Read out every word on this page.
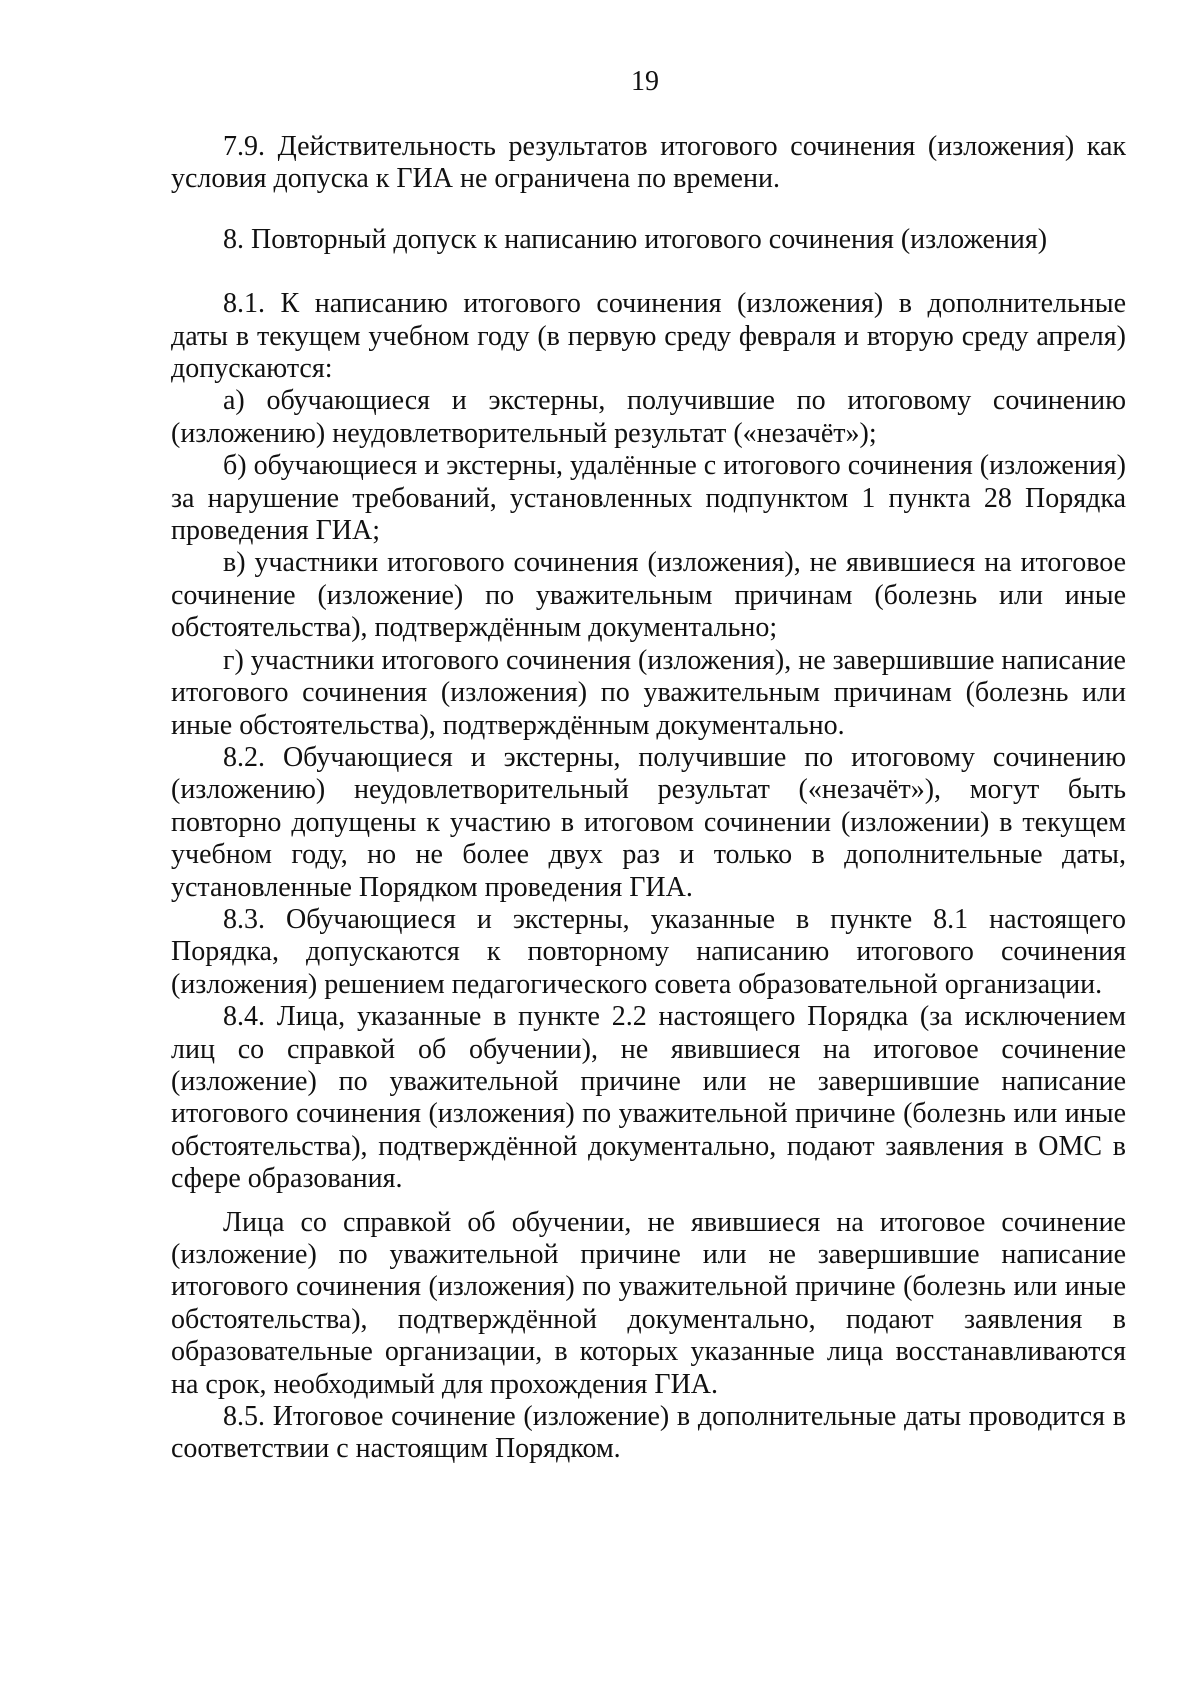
19

7.9. Действительность результатов итогового сочинения (изложения) как условия допуска к ГИА не ограничена по времени.

8. Повторный допуск к написанию итогового сочинения (изложения)

8.1. К написанию итогового сочинения (изложения) в дополнительные даты в текущем учебном году (в первую среду февраля и вторую среду апреля) допускаются:

а) обучающиеся и экстерны, получившие по итоговому сочинению (изложению) неудовлетворительный результат («незачёт»);

б) обучающиеся и экстерны, удалённые с итогового сочинения (изложения) за нарушение требований, установленных подпунктом 1 пункта 28 Порядка проведения ГИА;

в) участники итогового сочинения (изложения), не явившиеся на итоговое сочинение (изложение) по уважительным причинам (болезнь или иные обстоятельства), подтверждённым документально;

г) участники итогового сочинения (изложения), не завершившие написание итогового сочинения (изложения) по уважительным причинам (болезнь или иные обстоятельства), подтверждённым документально.

8.2. Обучающиеся и экстерны, получившие по итоговому сочинению (изложению) неудовлетворительный результат («незачёт»), могут быть повторно допущены к участию в итоговом сочинении (изложении) в текущем учебном году, но не более двух раз и только в дополнительные даты, установленные Порядком проведения ГИА.

8.3. Обучающиеся и экстерны, указанные в пункте 8.1 настоящего Порядка, допускаются к повторному написанию итогового сочинения (изложения) решением педагогического совета образовательной организации.

8.4. Лица, указанные в пункте 2.2 настоящего Порядка (за исключением лиц со справкой об обучении), не явившиеся на итоговое сочинение (изложение) по уважительной причине или не завершившие написание итогового сочинения (изложения) по уважительной причине (болезнь или иные обстоятельства), подтверждённой документально, подают заявления в ОМС в сфере образования.

Лица со справкой об обучении, не явившиеся на итоговое сочинение (изложение) по уважительной причине или не завершившие написание итогового сочинения (изложения) по уважительной причине (болезнь или иные обстоятельства), подтверждённой документально, подают заявления в образовательные организации, в которых указанные лица восстанавливаются на срок, необходимый для прохождения ГИА.

8.5. Итоговое сочинение (изложение) в дополнительные даты проводится в соответствии с настоящим Порядком.
